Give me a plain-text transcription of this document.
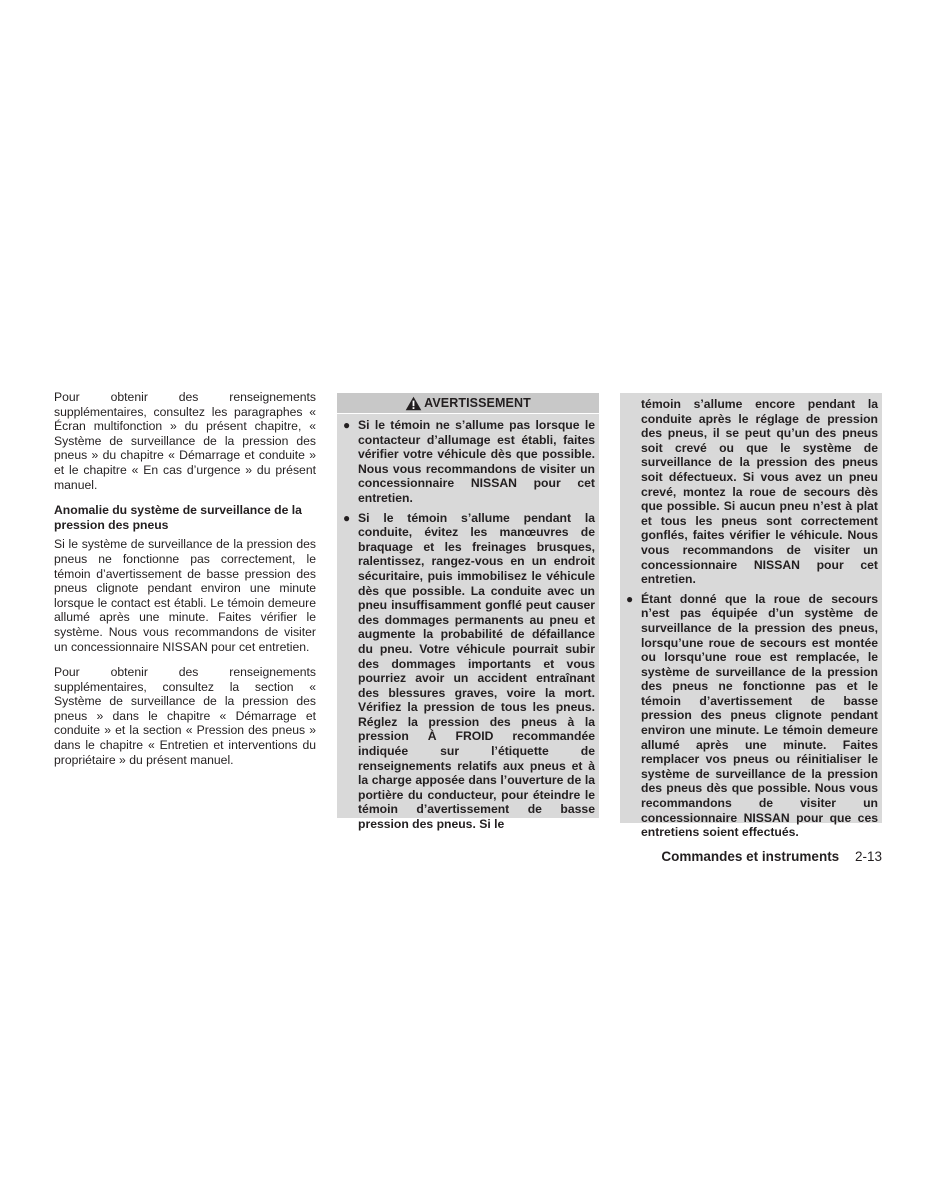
Pour obtenir des renseignements supplémentaires, consultez les paragraphes « Écran multifonction » du présent chapitre, « Système de surveillance de la pression des pneus » du chapitre « Démarrage et conduite » et le chapitre « En cas d’urgence » du présent manuel.

Anomalie du système de surveillance de la pression des pneus

Si le système de surveillance de la pression des pneus ne fonctionne pas correctement, le témoin d’avertissement de basse pression des pneus clignote pendant environ une minute lorsque le contact est établi. Le témoin demeure allumé après une minute. Faites vérifier le système. Nous vous recommandons de visiter un concessionnaire NISSAN pour cet entretien.

Pour obtenir des renseignements supplémentaires, consultez la section « Système de surveillance de la pression des pneus » dans le chapitre « Démarrage et conduite » et la section « Pression des pneus » dans le chapitre « Entretien et interventions du propriétaire » du présent manuel.

AVERTISSEMENT
● Si le témoin ne s’allume pas lorsque le contacteur d’allumage est établi, faites vérifier votre véhicule dès que possible. Nous vous recommandons de visiter un concessionnaire NISSAN pour cet entretien.
● Si le témoin s’allume pendant la conduite, évitez les manœuvres de braquage et les freinages brusques, ralentissez, rangez-vous en un endroit sécuritaire, puis immobilisez le véhicule dès que possible. La conduite avec un pneu insuffisamment gonflé peut causer des dommages permanents au pneu et augmente la probabilité de défaillance du pneu. Votre véhicule pourrait subir des dommages importants et vous pourriez avoir un accident entraînant des blessures graves, voire la mort. Vérifiez la pression de tous les pneus. Réglez la pression des pneus à la pression À FROID recommandée indiquée sur l’étiquette de renseignements relatifs aux pneus et à la charge apposée dans l’ouverture de la portière du conducteur, pour éteindre le témoin d’avertissement de basse pression des pneus. Si le
témoin s’allume encore pendant la conduite après le réglage de pression des pneus, il se peut qu’un des pneus soit crevé ou que le système de surveillance de la pression des pneus soit défectueux. Si vous avez un pneu crevé, montez la roue de secours dès que possible. Si aucun pneu n’est à plat et tous les pneus sont correctement gonflés, faites vérifier le véhicule. Nous vous recommandons de visiter un concessionnaire NISSAN pour cet entretien.
● Étant donné que la roue de secours n’est pas équipée d’un système de surveillance de la pression des pneus, lorsqu’une roue de secours est montée ou lorsqu’une roue est remplacée, le système de surveillance de la pression des pneus ne fonctionne pas et le témoin d’avertissement de basse pression des pneus clignote pendant environ une minute. Le témoin demeure allumé après une minute. Faites remplacer vos pneus ou réinitialiser le système de surveillance de la pression des pneus dès que possible. Nous vous recommandons de visiter un concessionnaire NISSAN pour que ces entretiens soient effectués.
Commandes et instruments 2-13
